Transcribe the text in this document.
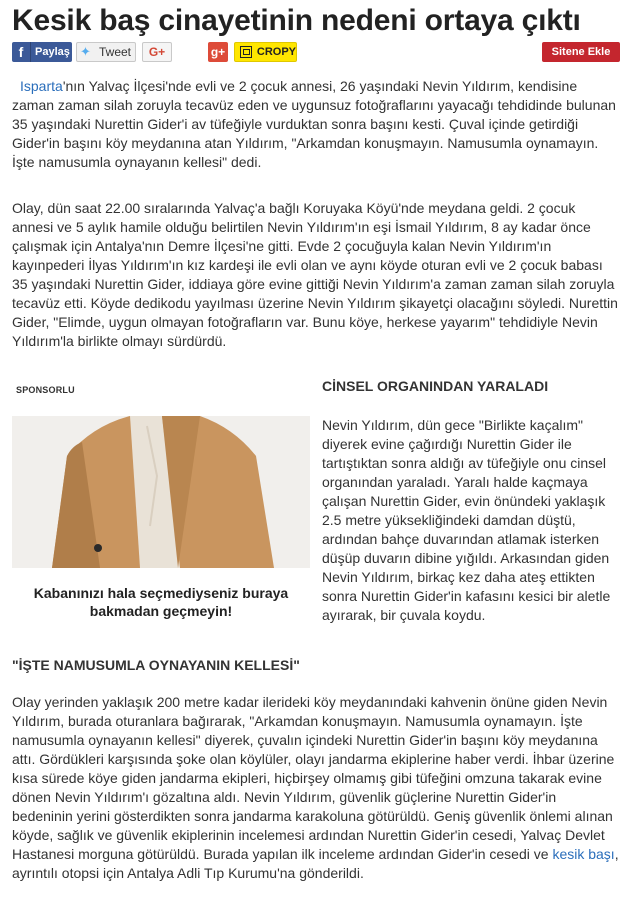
Kesik baş cinayetinin nedeni ortaya çıktı
f	Paylaş ✦ Tweet	G+	g+	CROPY	Sitene Ekle

Isparta'nın Yalvaç İlçesi'nde evli ve 2 çocuk annesi, 26 yaşındaki Nevin Yıldırım, kendisine zaman zaman silah zoruyla tecavüz eden ve uygunsuz fotoğraflarını yayacağı tehdidinde bulunan 35 yaşındaki Nurettin Gider'i av tüfeğiyle vurduktan sonra başını kesti. Çuval içinde getirdiği Gider'in başını köy meydanına atan Yıldırım, "Arkamdan konuşmayın. Namusumla oynamayın. İşte namusumla oynayanın kellesi" dedi.

Olay, dün saat 22.00 sıralarında Yalvaç'a bağlı Koruyaka Köyü'nde meydana geldi. 2 çocuk annesi ve 5 aylık hamile olduğu belirtilen Nevin Yıldırım'ın eşi İsmail Yıldırım, 8 ay kadar önce çalışmak için Antalya'nın Demre İlçesi'ne gitti. Evde 2 çocuğuyla kalan Nevin Yıldırım'ın kayınpederi İlyas Yıldırım'ın kız kardeşi ile evli olan ve aynı köyde oturan evli ve 2 çocuk babası 35 yaşındaki Nurettin Gider, iddiaya göre evine gittiği Nevin Yıldırım'a zaman zaman silah zoruyla tecavüz etti. Köyde dedikodu yayılması üzerine Nevin Yıldırım şikayetçi olacağını söyledi. Nurettin Gider, "Elimde, uygun olmayan fotoğrafların var. Bunu köye, herkese yayarım" tehdidiyle Nevin Yıldırım'la birlikte olmayı sürdürdü.

SPONSORLU
Kabanınızı hala seçmediyseniz buraya bakmadan geçmeyin!
CİNSEL ORGANINDAN YARALADI

Nevin Yıldırım, dün gece "Birlikte kaçalım" diyerek evine çağırdığı Nurettin Gider ile tartıştıktan sonra aldığı av tüfeğiyle onu cinsel organından yaraladı. Yaralı halde kaçmaya çalışan Nurettin Gider, evin önündeki yaklaşık 2.5 metre yüksekliğindeki damdan düştü, ardından bahçe duvarından atlamak isterken düşüp duvarın dibine yığıldı. Arkasından giden Nevin Yıldırım, birkaç kez daha ateş ettikten sonra Nurettin Gider'in kafasını kesici bir aletle ayırarak, bir çuvala koydu.

"İŞTE NAMUSUMLA OYNAYANIN KELLESİ"

Olay yerinden yaklaşık 200 metre kadar ilerideki köy meydanındaki kahvenin önüne giden Nevin Yıldırım, burada oturanlara bağırarak, "Arkamdan konuşmayın. Namusumla oynamayın. İşte namusumla oynayanın kellesi" diyerek, çuvalın içindeki Nurettin Gider'in başını köy meydanına attı. Gördükleri karşısında şoke olan köylüler, olayı jandarma ekiplerine haber verdi. İhbar üzerine kısa sürede köye giden jandarma ekipleri, hiçbirşey olmamış gibi tüfeğini omzuna takarak evine dönen Nevin Yıldırım'ı gözaltına aldı. Nevin Yıldırım, güvenlik güçlerine Nurettin Gider'in bedeninin yerini gösterdikten sonra jandarma karakoluna götürüldü. Geniş güvenlik önlemi alınan köyde, sağlık ve güvenlik ekiplerinin incelemesi ardından Nurettin Gider'in cesedi, Yalvaç Devlet Hastanesi morguna götürüldü. Burada yapılan ilk inceleme ardından Gider'in cesedi ve kesik başı, ayrıntılı otopsi için Antalya Adli Tıp Kurumu'na gönderildi.
